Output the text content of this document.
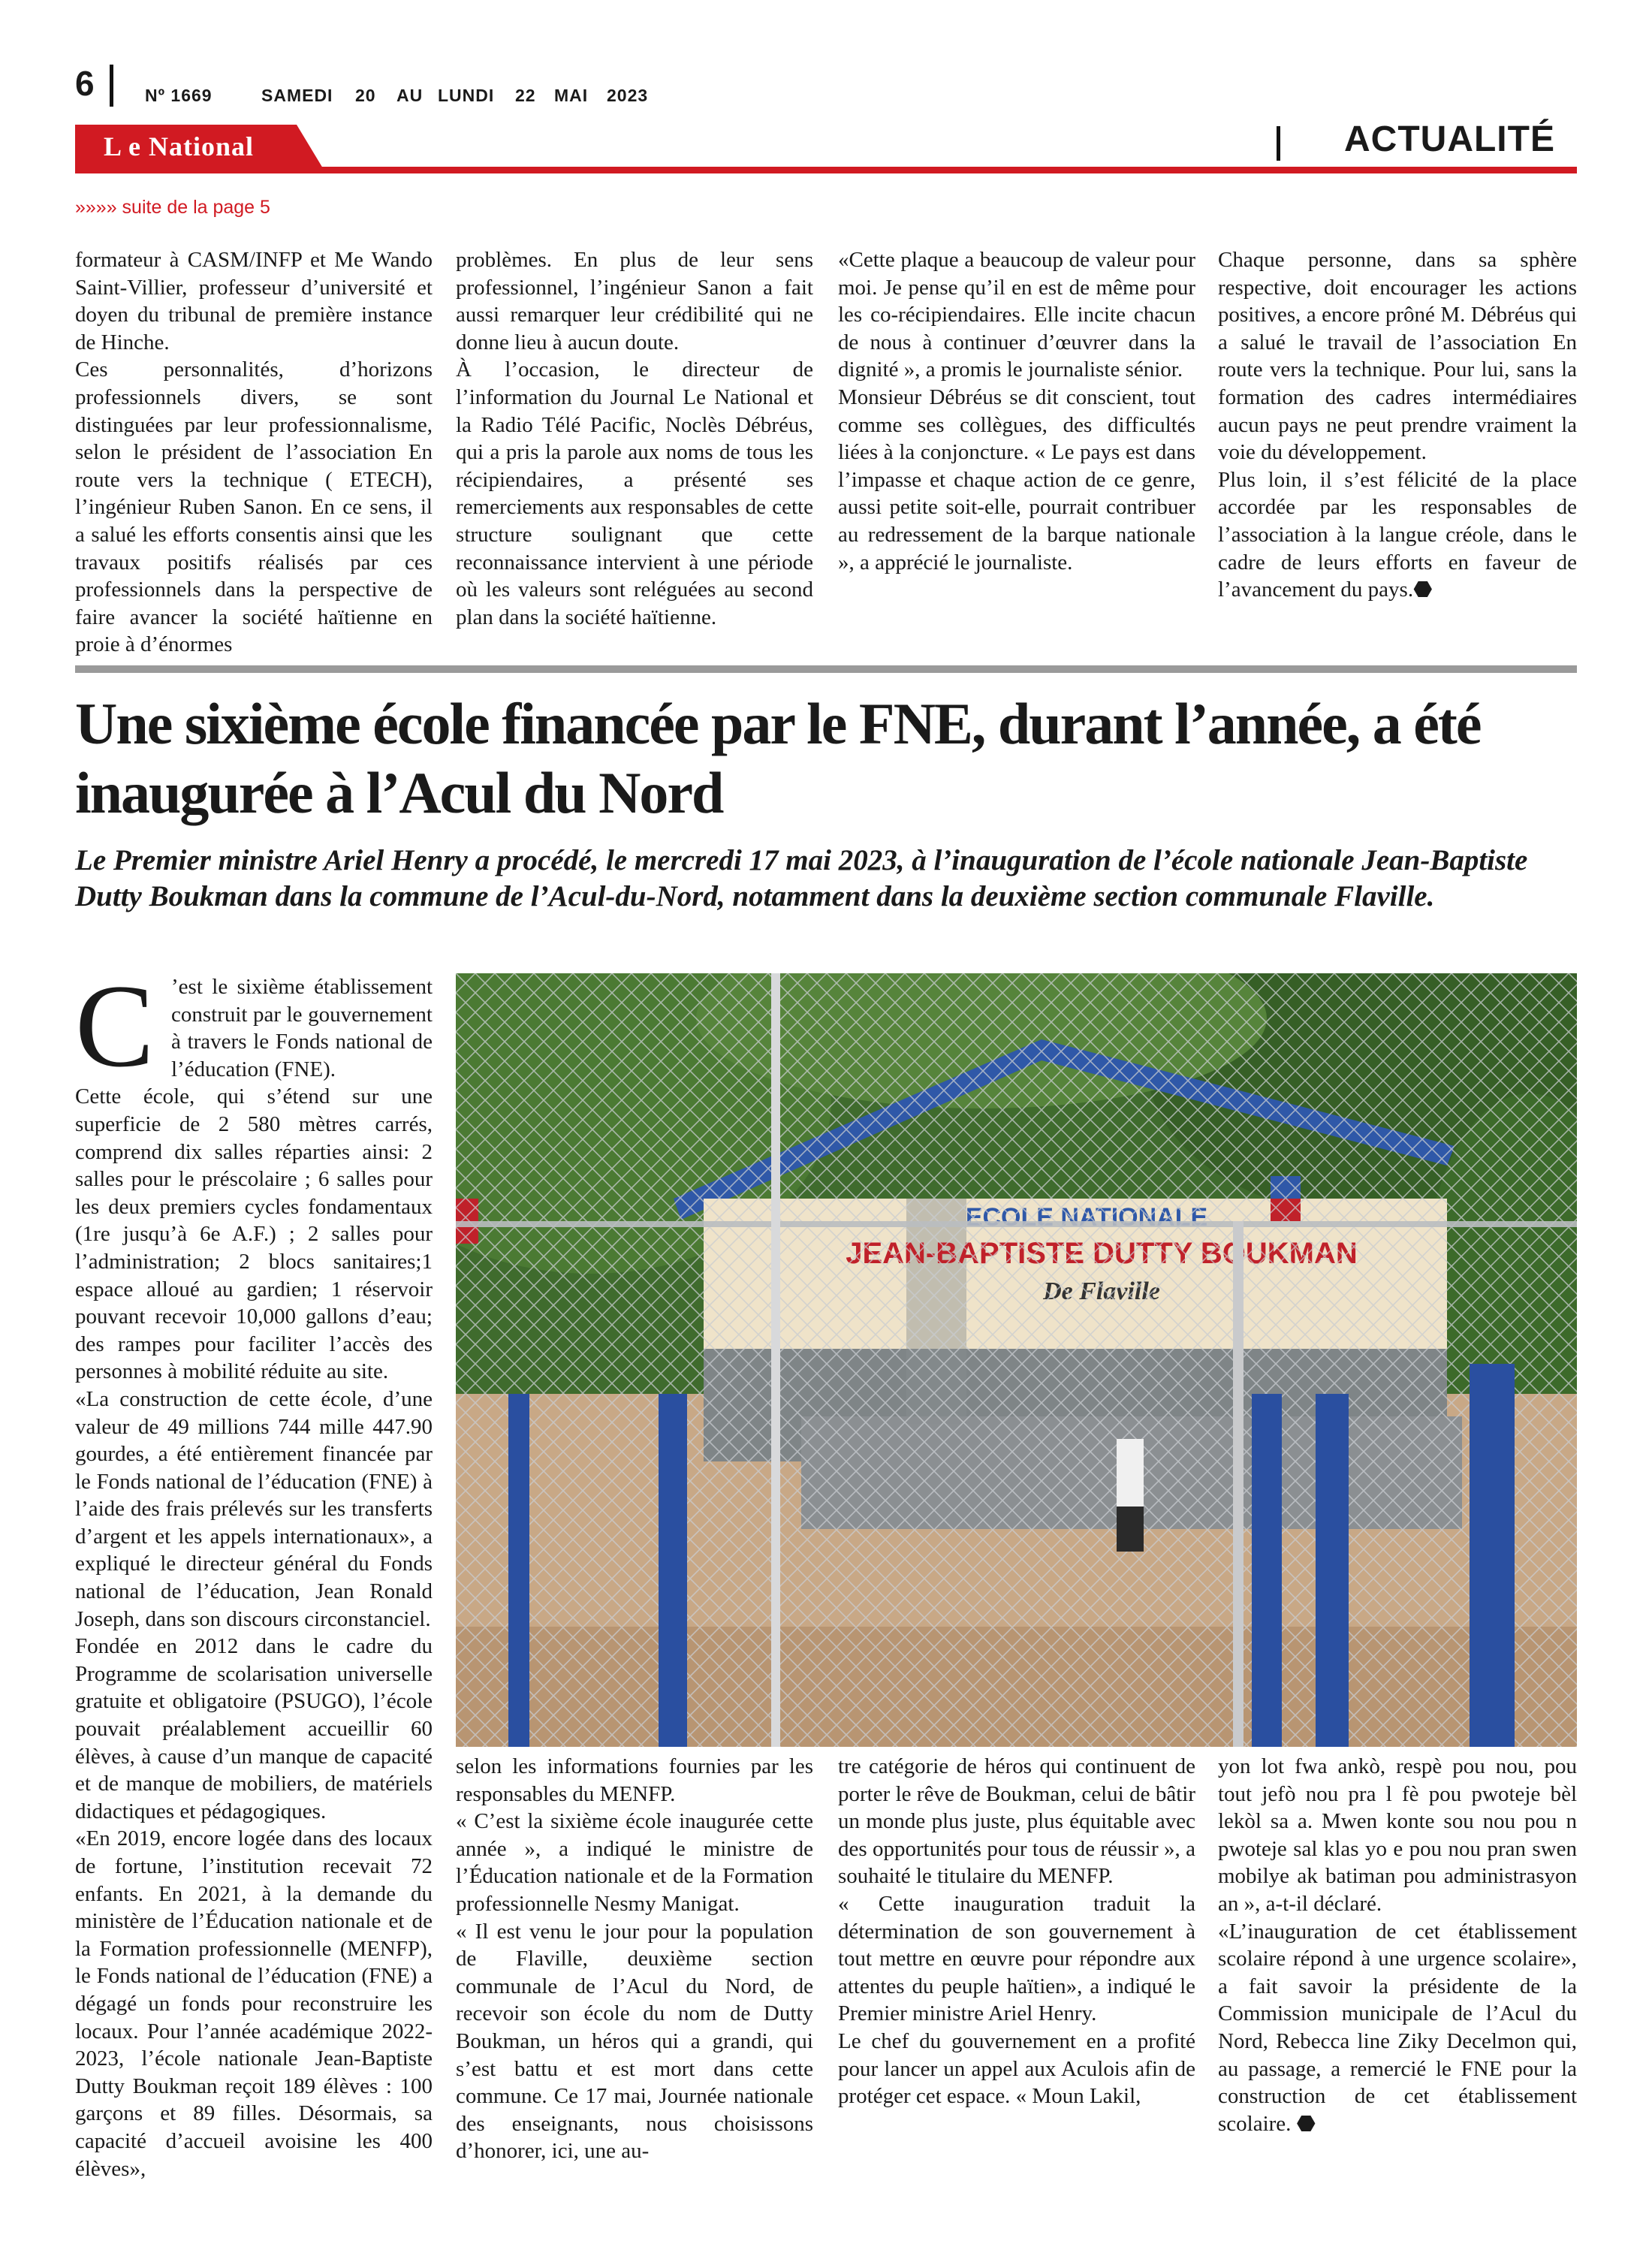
6	Nº 1669	SAMEDI 20 AU LUNDI 22 MAI 2023
L e National	ACTUALITÉ
»»»» suite de la page 5

formateur à CASM/INFP et Me Wando Saint-Villier, professeur d’université et doyen du tribunal de première instance de Hinche.

Ces personnalités, d’horizons professionnels divers, se sont distinguées par leur professionnalisme, selon le président de l’association En route vers la technique ( ETECH), l’ingénieur Ruben Sanon. En ce sens, il a salué les efforts consentis ainsi que les travaux positifs réalisés par ces professionnels dans la perspective de faire avancer la société haïtienne en proie à d’énormes

problèmes. En plus de leur sens professionnel, l’ingénieur Sanon a fait aussi remarquer leur crédibilité qui ne donne lieu à aucun doute.

À l’occasion, le directeur de l’information du Journal Le National et la Radio Télé Pacific, Noclès Débréus, qui a pris la parole aux noms de tous les récipiendaires, a présenté ses remerciements aux responsables de cette structure soulignant que cette reconnaissance intervient à une période où les valeurs sont reléguées au second plan dans la société haïtienne.

«Cette plaque a beaucoup de valeur pour moi. Je pense qu’il en est de même pour les co-récipiendaires. Elle incite chacun de nous à continuer d’œuvrer dans la dignité », a promis le journaliste sénior.

Monsieur Débréus se dit conscient, tout comme ses collègues, des difficultés liées à la conjoncture. « Le pays est dans l’impasse et chaque action de ce genre, aussi petite soit-elle, pourrait contribuer au redressement de la barque nationale », a apprécié le journaliste.

Chaque personne, dans sa sphère respective, doit encourager les actions positives, a encore prôné M. Débréus qui a salué le travail de l’association En route vers la technique. Pour lui, sans la formation des cadres intermédiaires aucun pays ne peut prendre vraiment la voie du développement.

Plus loin, il s’est félicité de la place accordée par les responsables de l’association à la langue créole, dans le cadre de leurs efforts en faveur de l’avancement du pays.⬣

Une sixième école financée par le FNE, durant l’année, a été inaugurée à l’Acul du Nord

Le Premier ministre Ariel Henry a procédé, le mercredi 17 mai 2023, à l’inauguration de l’école nationale Jean-Baptiste Dutty Boukman dans la commune de l’Acul-du-Nord, notamment dans la deuxième section communale Flaville.

C ’est le sixième établissement construit par le gouvernement à travers le Fonds national de l’éducation (FNE).

Cette école, qui s’étend sur une superficie de 2 580 mètres carrés, comprend dix salles réparties ainsi: 2 salles pour le préscolaire ; 6 salles pour les deux premiers cycles fondamentaux (1re jusqu’à 6e A.F.) ; 2 salles pour l’administration; 2 blocs sanitaires;1 espace alloué au gardien; 1 réservoir pouvant recevoir 10,000 gallons d’eau; des rampes pour faciliter l’accès des personnes à mobilité réduite au site.

«La construction de cette école, d’une valeur de 49 millions 744 mille 447.90 gourdes, a été entièrement financée par le Fonds national de l’éducation (FNE) à l’aide des frais prélevés sur les transferts d’argent et les appels internationaux», a expliqué le directeur général du Fonds national de l’éducation, Jean Ronald Joseph, dans son discours circonstanciel.

Fondée en 2012 dans le cadre du Programme de scolarisation universelle gratuite et obligatoire (PSUGO), l’école pouvait préalablement accueillir 60 élèves, à cause d’un manque de capacité et de manque de mobiliers, de matériels didactiques et pédagogiques.

«En 2019, encore logée dans des locaux de fortune, l’institution recevait 72 enfants. En 2021, à la demande du ministère de l’Éducation nationale et de la Formation professionnelle (MENFP), le Fonds national de l’éducation (FNE) a dégagé un fonds pour reconstruire les locaux. Pour l’année académique 2022-2023, l’école nationale Jean-Baptiste Dutty Boukman reçoit 189 élèves : 100 garçons et 89 filles. Désormais, sa capacité d’accueil avoisine les 400 élèves»,

selon les informations fournies par les responsables du MENFP.

« C’est la sixième école inaugurée cette année », a indiqué le ministre de l’Éducation nationale et de la Formation professionnelle Nesmy Manigat.

« Il est venu le jour pour la population de Flaville, deuxième section communale de l’Acul du Nord, de recevoir son école du nom de Dutty Boukman, un héros qui a grandi, qui s’est battu et est mort dans cette commune. Ce 17 mai, Journée nationale des enseignants, nous choisissons d’honorer, ici, une au-

tre catégorie de héros qui continuent de porter le rêve de Boukman, celui de bâtir un monde plus juste, plus équitable avec des opportunités pour tous de réussir », a souhaité le titulaire du MENFP.

« Cette inauguration traduit la détermination de son gouvernement à tout mettre en œuvre pour répondre aux attentes du peuple haïtien», a indiqué le Premier ministre Ariel Henry.

Le chef du gouvernement en a profité pour lancer un appel aux Aculois afin de protéger cet espace. « Moun Lakil,

yon lot fwa ankò, respè pou nou, pou tout jefò nou pra l fè pou pwoteje bèl lekòl sa a. Mwen konte sou nou pou n pwoteje sal klas yo e pou nou pran swen mobilye ak batiman pou administrasyon an », a-t-il déclaré.

«L’inauguration de cet établissement scolaire répond à une urgence scolaire», a fait savoir la présidente de la Commission municipale de l’Acul du Nord, Rebecca line Ziky Decelmon qui, au passage, a remercié le FNE pour la construction de cet établissement scolaire. ⬣
